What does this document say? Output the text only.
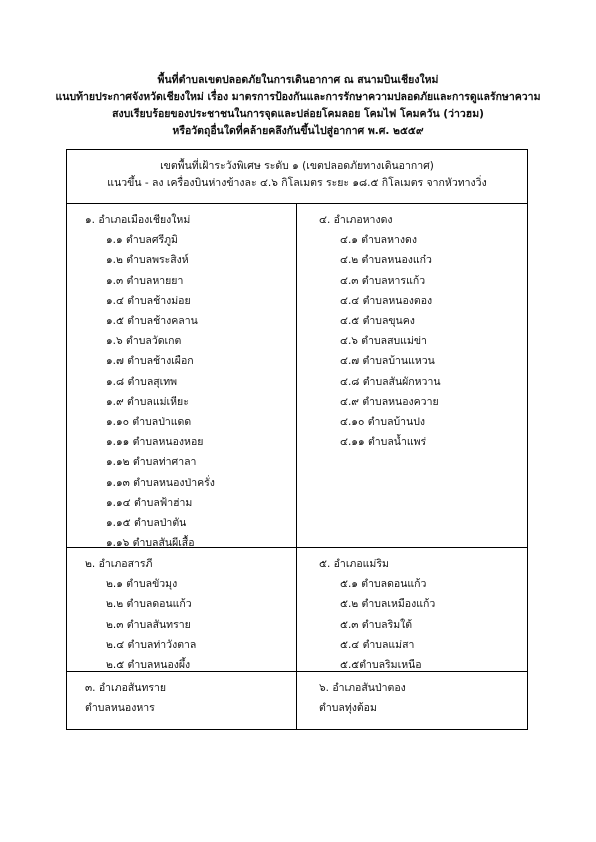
พื้นที่ตำบลเขตปลอดภัยในการเดินอากาศ ณ สนามบินเชียงใหม่
แนบท้ายประกาศจังหวัดเชียงใหม่ เรื่อง มาตรการป้องกันและการรักษาความปลอดภัยและการดูแลรักษาความ
สงบเรียบร้อยของประชาชนในการจุดและปล่อยโคมลอย โคมไฟ โคมควัน (ว่าวฮม)
หรือวัตถุอื่นใดที่คล้ายคลึงกันขึ้นไปสู่อากาศ พ.ศ. ๒๕๕๙
เขตพื้นที่เฝ้าระวังพิเศษ ระดับ ๑ (เขตปลอดภัยทางเดินอากาศ)
แนวขึ้น - ลง เครื่องบินห่างข้างละ ๔.๖ กิโลเมตร ระยะ ๑๘.๕ กิโลเมตร จากหัวทางวิ่ง
๑. อำเภอเมืองเชียงใหม่
๑.๑ ตำบลศรีภูมิ
๑.๒ ตำบลพระสิงห์
๑.๓ ตำบลหายยา
๑.๔ ตำบลช้างม่อย
๑.๕ ตำบลช้างคลาน
๑.๖ ตำบลวัดเกต
๑.๗ ตำบลช้างเผือก
๑.๘ ตำบลสุเทพ
๑.๙ ตำบลแม่เหียะ
๑.๑๐ ตำบลป่าแดด
๑.๑๑ ตำบลหนองหอย
๑.๑๒ ตำบลท่าศาลา
๑.๑๓ ตำบลหนองป่าครั่ง
๑.๑๔ ตำบลฟ้าฮ่าม
๑.๑๕ ตำบลป่าตัน
๑.๑๖ ตำบลสันผีเสื้อ
๔. อำเภอหางดง
๔.๑ ตำบลหางดง
๔.๒ ตำบลหนองแก๋ว
๔.๓ ตำบลหารแก้ว
๔.๔ ตำบลหนองตอง
๔.๕ ตำบลขุนคง
๔.๖ ตำบลสบแม่ข่า
๔.๗ ตำบลบ้านแหวน
๔.๘ ตำบลสันผักหวาน
๔.๙ ตำบลหนองควาย
๔.๑๐ ตำบลบ้านปง
๔.๑๑ ตำบลน้ำแพร่
๒. อำเภอสารภี
๒.๑ ตำบลขัวมุง
๒.๒ ตำบลดอนแก้ว
๒.๓ ตำบลสันทราย
๒.๔ ตำบลท่าวังตาล
๒.๕ ตำบลหนองผึ้ง
๕. อำเภอแม่ริม
๕.๑ ตำบลดอนแก้ว
๕.๒ ตำบลเหมืองแก้ว
๕.๓ ตำบลริมใต้
๕.๔ ตำบลแม่สา
๕.๕ตำบลริมเหนือ
๓. อำเภอสันทราย
ตำบลหนองหาร
๖. อำเภอสันป่าตอง
ตำบลทุ่งต้อม
